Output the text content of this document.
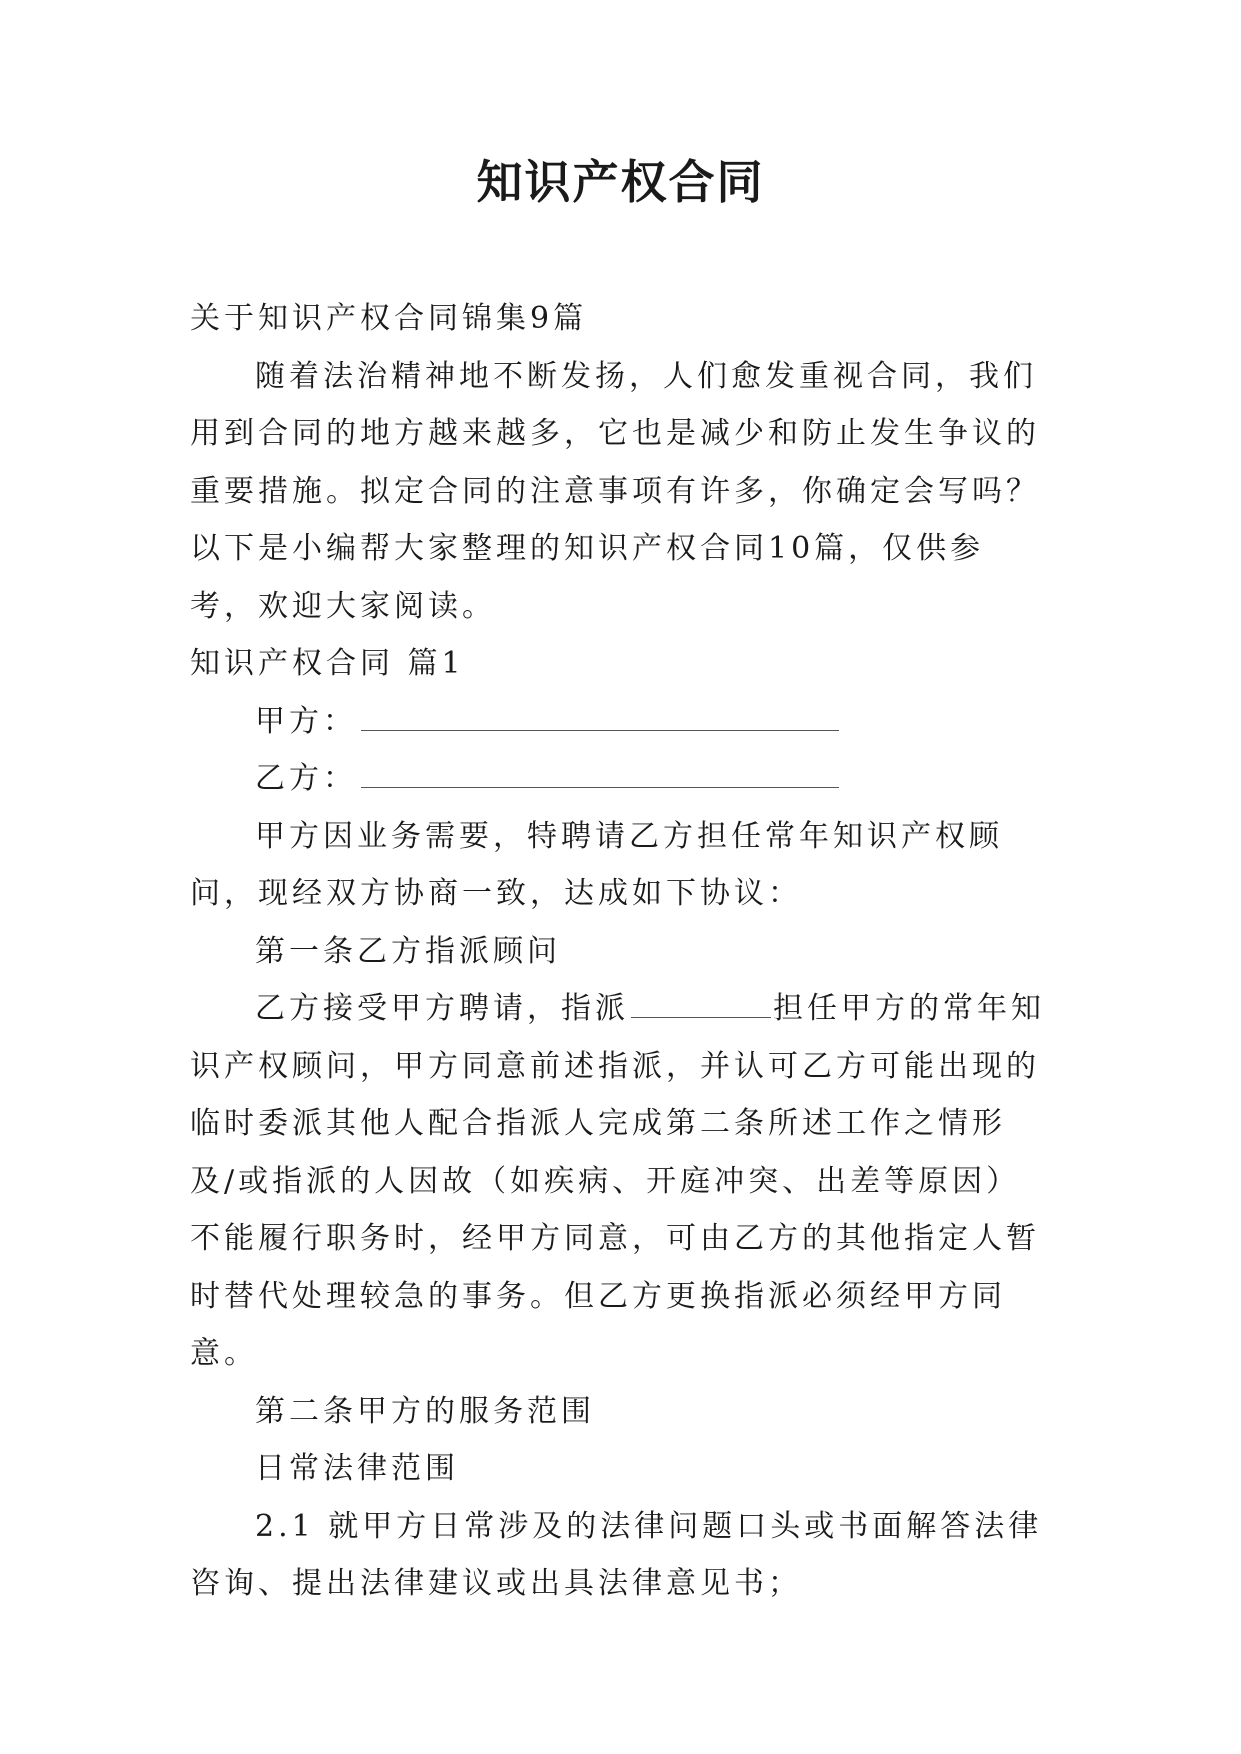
知识产权合同

关于知识产权合同锦集9篇

随着法治精神地不断发扬，人们愈发重视合同，我们用到合同的地方越来越多，它也是减少和防止发生争议的重要措施。拟定合同的注意事项有许多，你确定会写吗？以下是小编帮大家整理的知识产权合同10篇，仅供参考，欢迎大家阅读。

知识产权合同 篇1

甲方：

乙方：

甲方因业务需要，特聘请乙方担任常年知识产权顾问，现经双方协商一致，达成如下协议：

第一条乙方指派顾问

乙方接受甲方聘请，指派	担任甲方的常年知识产权顾问，甲方同意前述指派，并认可乙方可能出现的临时委派其他人配合指派人完成第二条所述工作之情形及/或指派的人因故（如疾病、开庭冲突、出差等原因）不能履行职务时，经甲方同意，可由乙方的其他指定人暂时替代处理较急的事务。但乙方更换指派必须经甲方同意。

第二条甲方的服务范围

日常法律范围

2.1 就甲方日常涉及的法律问题口头或书面解答法律咨询、提出法律建议或出具法律意见书；
